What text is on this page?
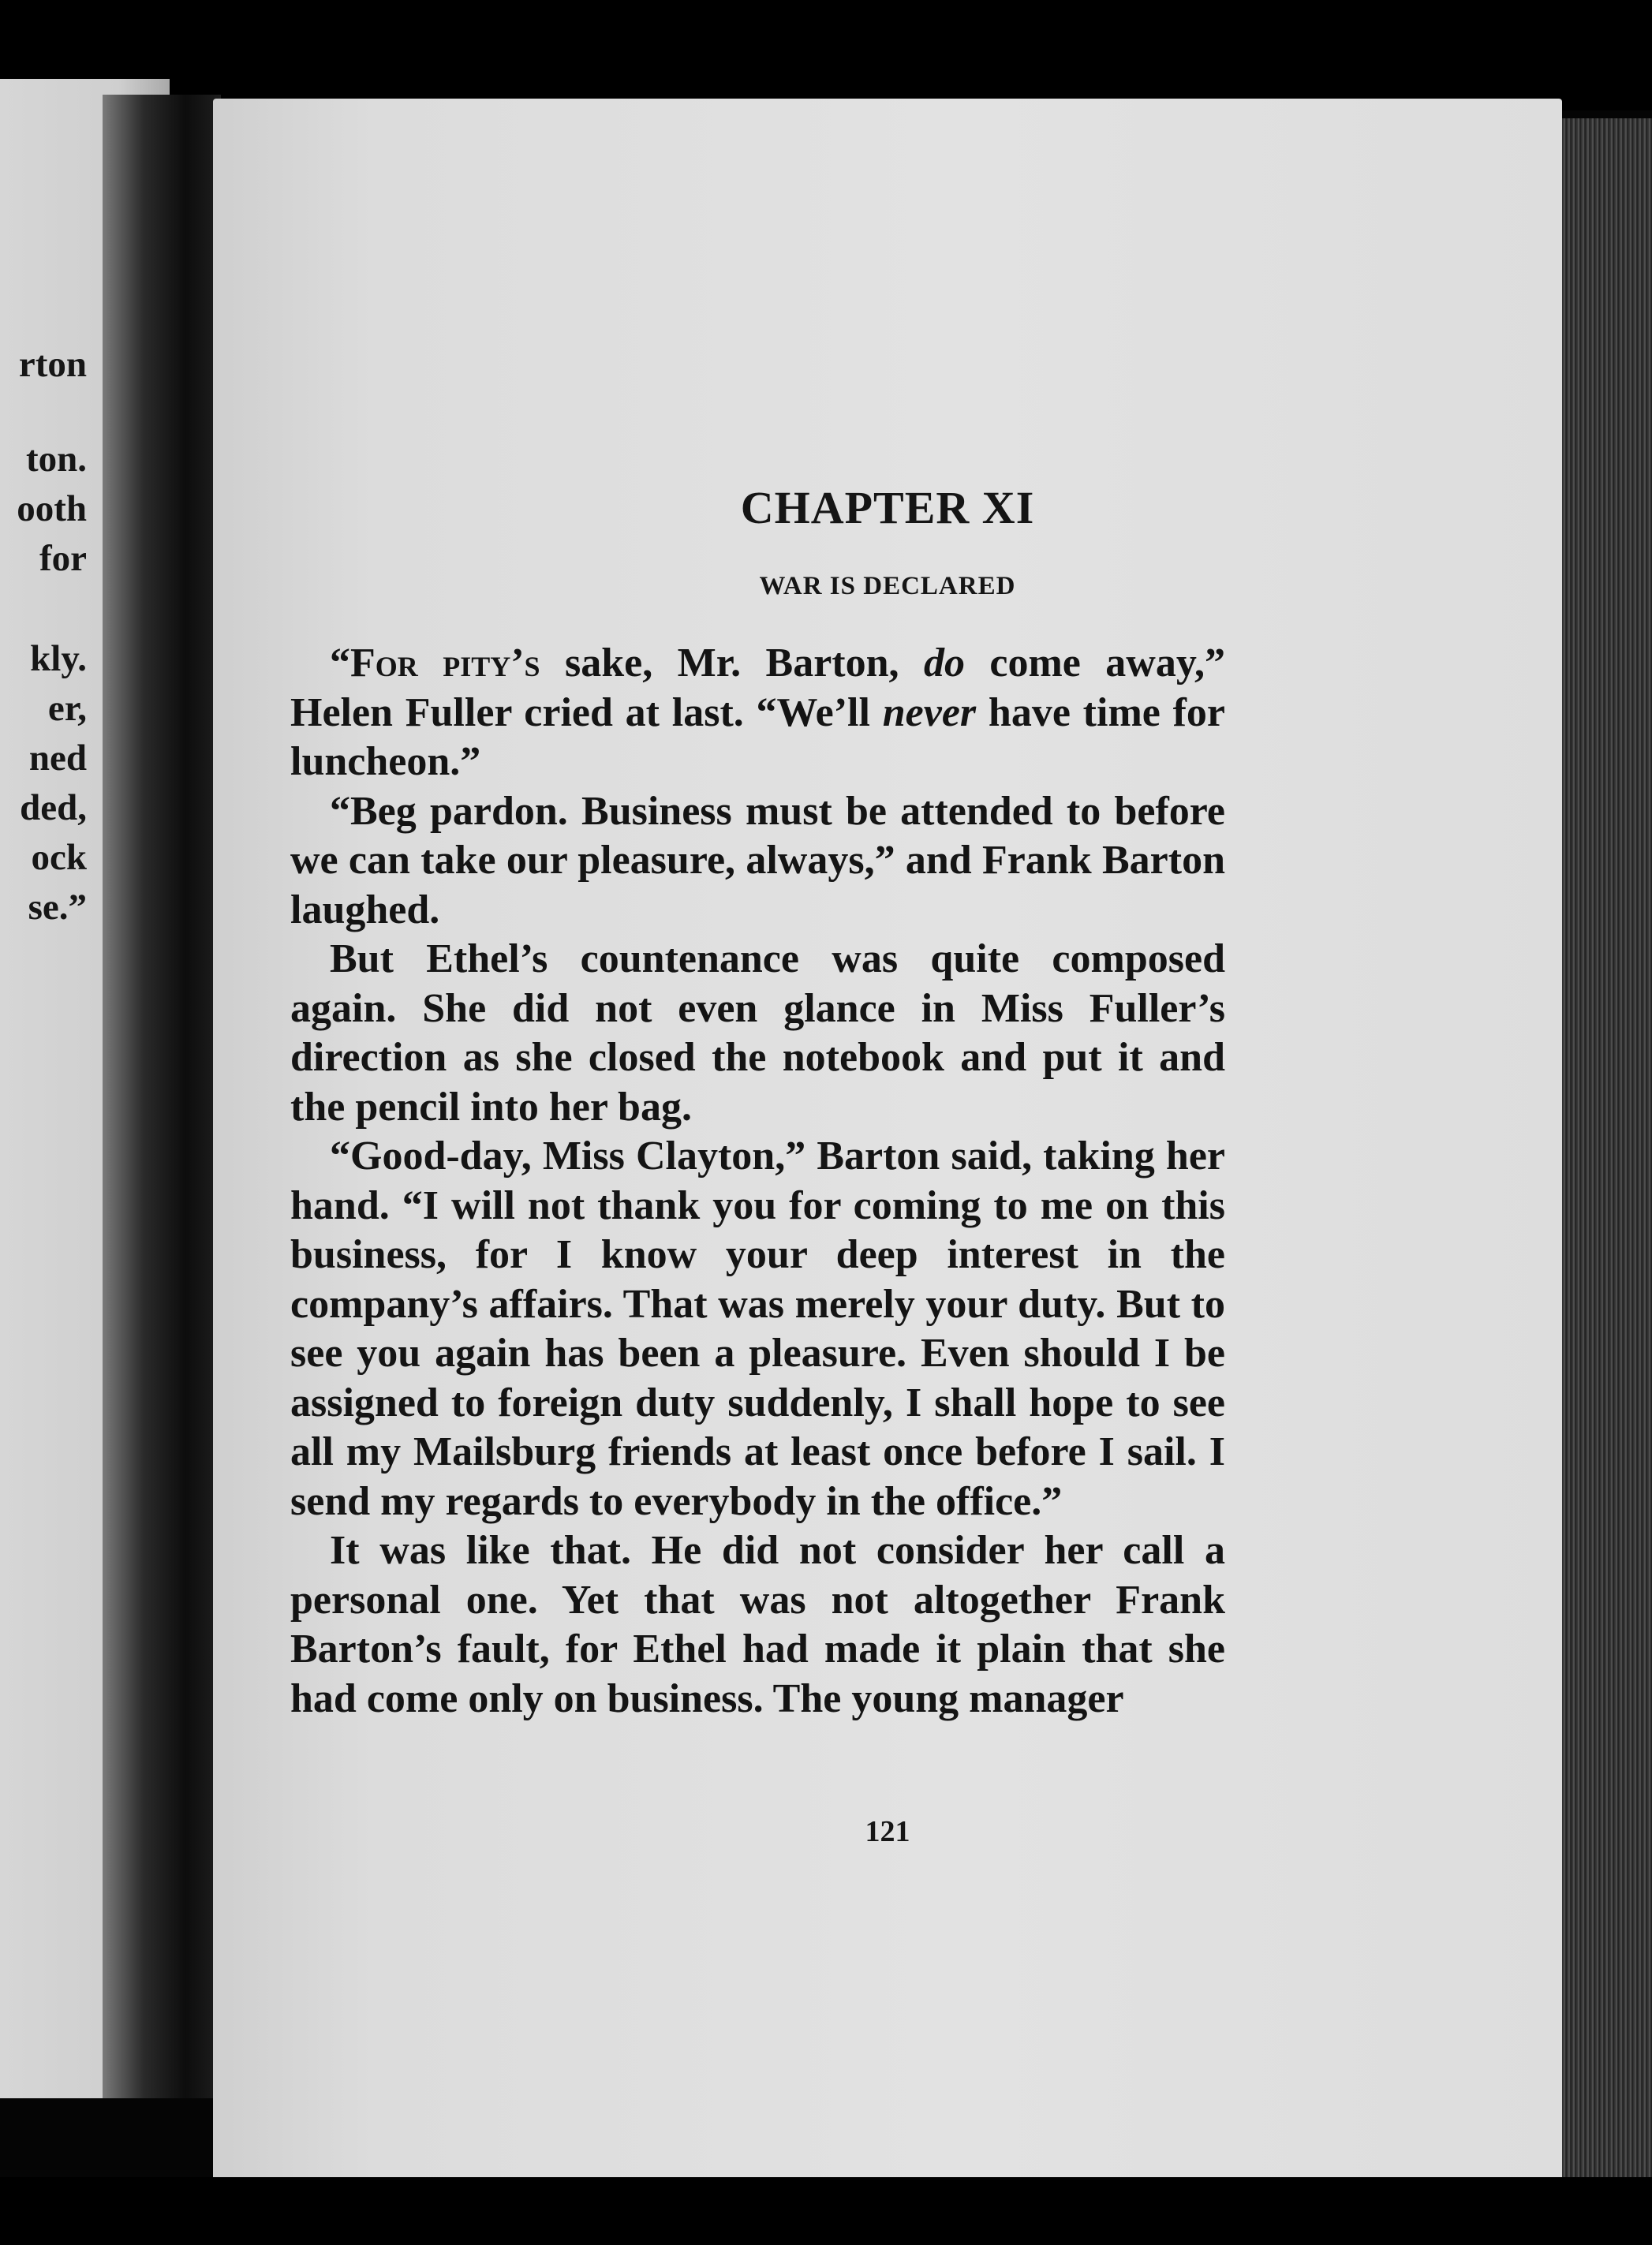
rton
ton.
ooth
for
kly.
er,
ned
ded,
ock
se.”
CHAPTER XI
WAR IS DECLARED

“For pity’s sake, Mr. Barton, do come away,” Helen Fuller cried at last. “We’ll never have time for luncheon.”

“Beg pardon. Business must be attended to before we can take our pleasure, always,” and Frank Barton laughed.

But Ethel’s countenance was quite composed again. She did not even glance in Miss Fuller’s direction as she closed the notebook and put it and the pencil into her bag.

“Good-day, Miss Clayton,” Barton said, taking her hand. “I will not thank you for coming to me on this business, for I know your deep interest in the company’s affairs. That was merely your duty. But to see you again has been a pleasure. Even should I be assigned to foreign duty suddenly, I shall hope to see all my Mailsburg friends at least once before I sail. I send my regards to everybody in the office.”

It was like that. He did not consider her call a personal one. Yet that was not altogether Frank Barton’s fault, for Ethel had made it plain that she had come only on business. The young manager

121
